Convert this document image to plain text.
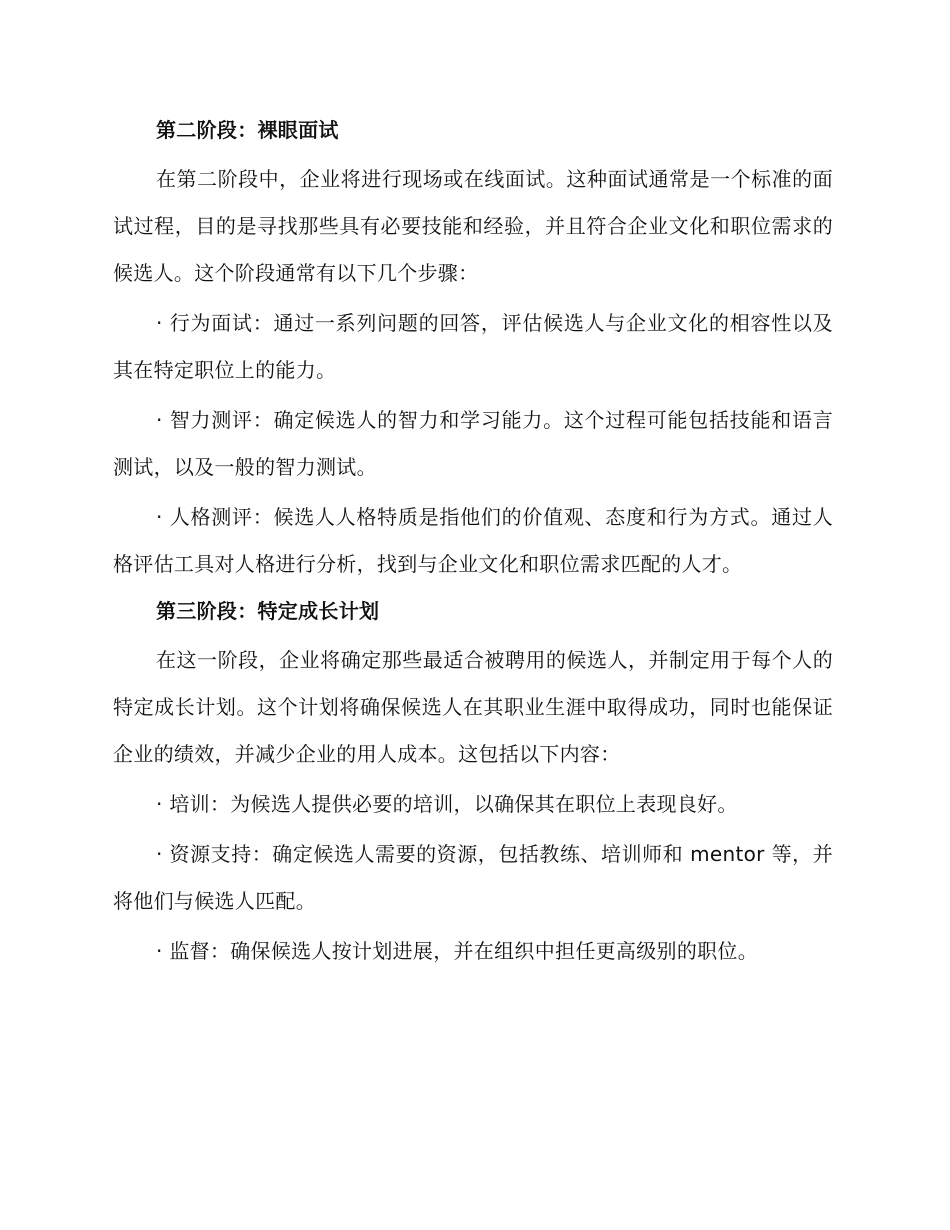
第二阶段：裸眼面试

在第二阶段中，企业将进行现场或在线面试。这种面试通常是一个标准的面试过程，目的是寻找那些具有必要技能和经验，并且符合企业文化和职位需求的候选人。这个阶段通常有以下几个步骤：

· 行为面试：通过一系列问题的回答，评估候选人与企业文化的相容性以及其在特定职位上的能力。

· 智力测评：确定候选人的智力和学习能力。这个过程可能包括技能和语言测试，以及一般的智力测试。

· 人格测评：候选人人格特质是指他们的价值观、态度和行为方式。通过人格评估工具对人格进行分析，找到与企业文化和职位需求匹配的人才。

第三阶段：特定成长计划

在这一阶段，企业将确定那些最适合被聘用的候选人，并制定用于每个人的特定成长计划。这个计划将确保候选人在其职业生涯中取得成功，同时也能保证企业的绩效，并减少企业的用人成本。这包括以下内容：

· 培训：为候选人提供必要的培训，以确保其在职位上表现良好。

· 资源支持：确定候选人需要的资源，包括教练、培训师和 mentor 等，并将他们与候选人匹配。

· 监督：确保候选人按计划进展，并在组织中担任更高级别的职位。
